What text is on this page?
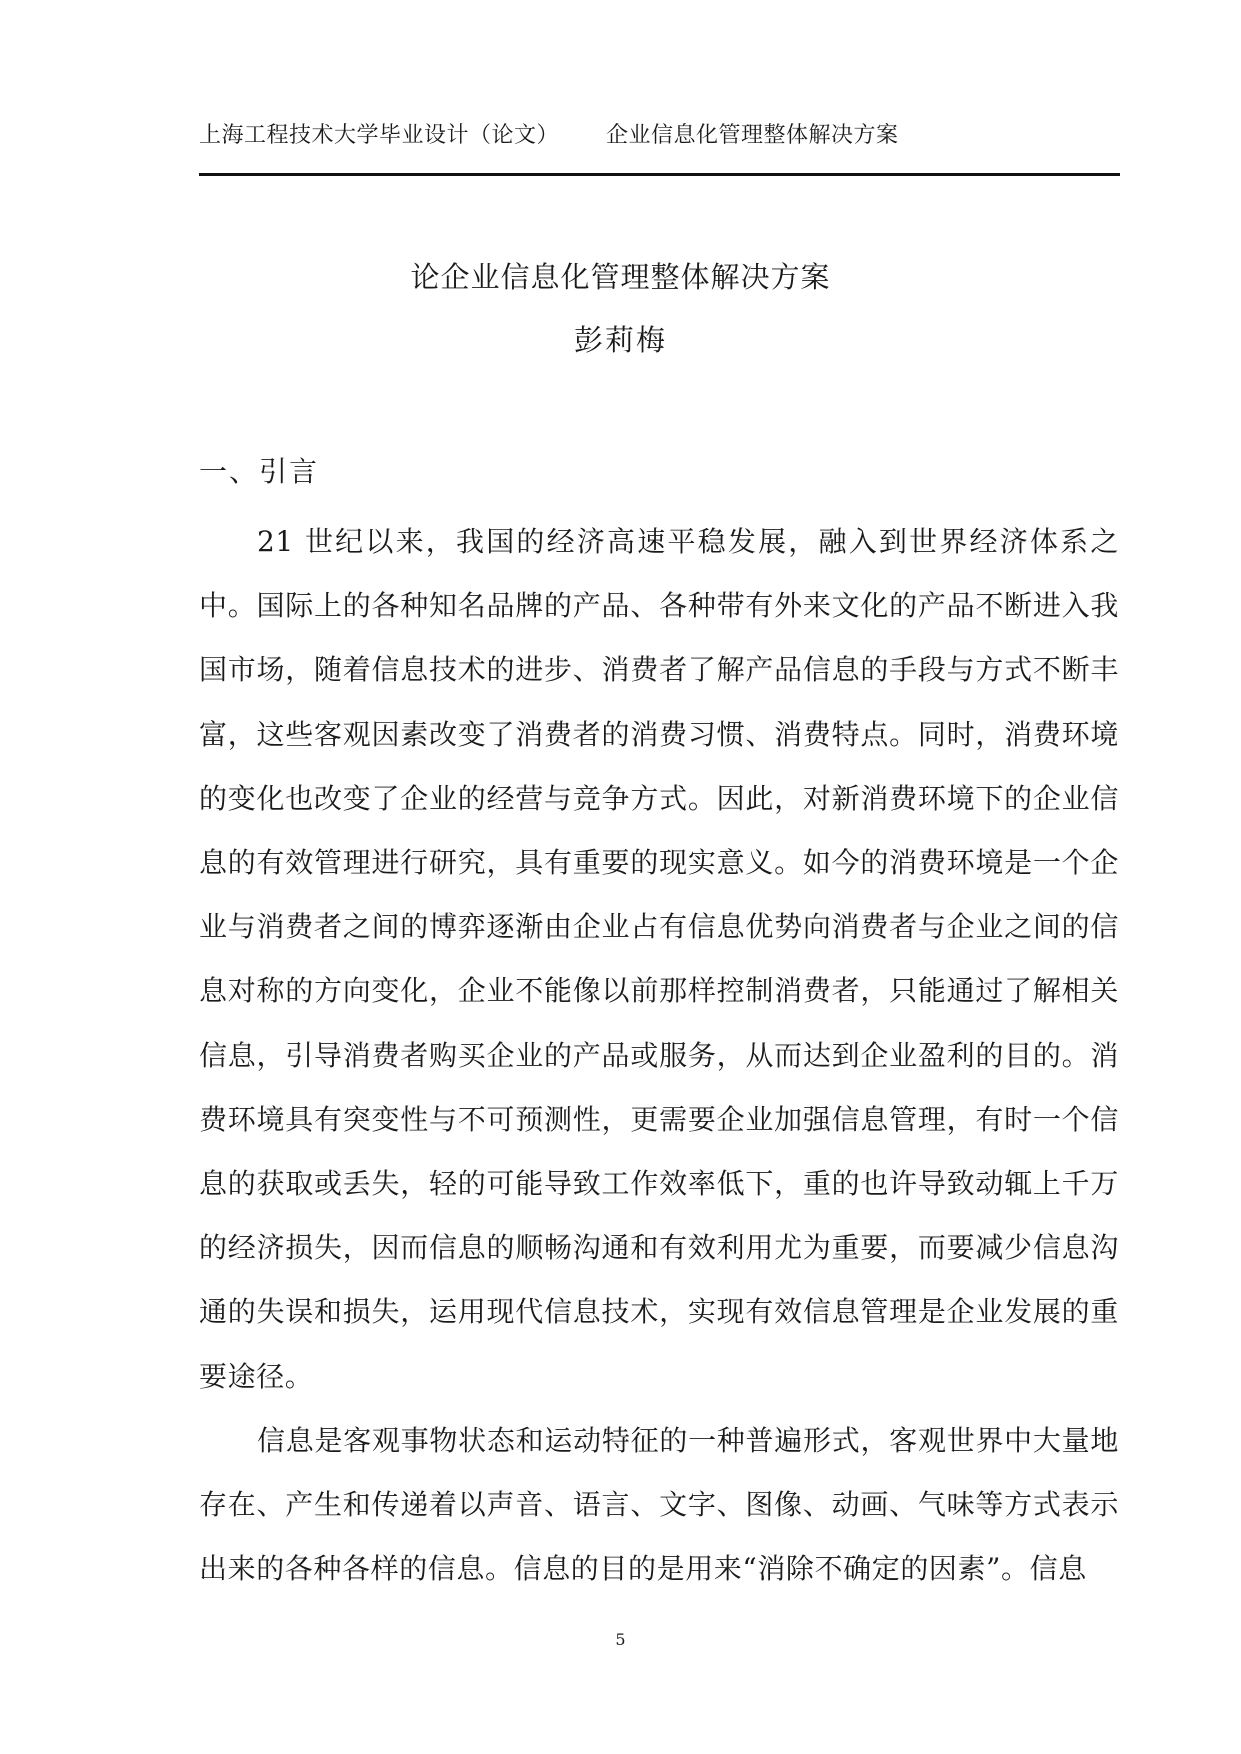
上海工程技术大学毕业设计（论文） 企业信息化管理整体解决方案
论企业信息化管理整体解决方案
彭莉梅
一、引言

21 世纪以来，我国的经济高速平稳发展，融入到世界经济体系之中。国际上的各种知名品牌的产品、各种带有外来文化的产品不断进入我国市场，随着信息技术的进步、消费者了解产品信息的手段与方式不断丰富，这些客观因素改变了消费者的消费习惯、消费特点。同时，消费环境的变化也改变了企业的经营与竞争方式。因此，对新消费环境下的企业信息的有效管理进行研究，具有重要的现实意义。如今的消费环境是一个企业与消费者之间的博弈逐渐由企业占有信息优势向消费者与企业之间的信息对称的方向变化，企业不能像以前那样控制消费者，只能通过了解相关信息，引导消费者购买企业的产品或服务，从而达到企业盈利的目的。消费环境具有突变性与不可预测性，更需要企业加强信息管理，有时一个信息的获取或丢失，轻的可能导致工作效率低下，重的也许导致动辄上千万的经济损失，因而信息的顺畅沟通和有效利用尤为重要，而要减少信息沟通的失误和损失，运用现代信息技术，实现有效信息管理是企业发展的重要途径。

信息是客观事物状态和运动特征的一种普遍形式，客观世界中大量地存在、产生和传递着以声音、语言、文字、图像、动画、气味等方式表示出来的各种各样的信息。信息的目的是用来“消除不确定的因素”。信息

5
